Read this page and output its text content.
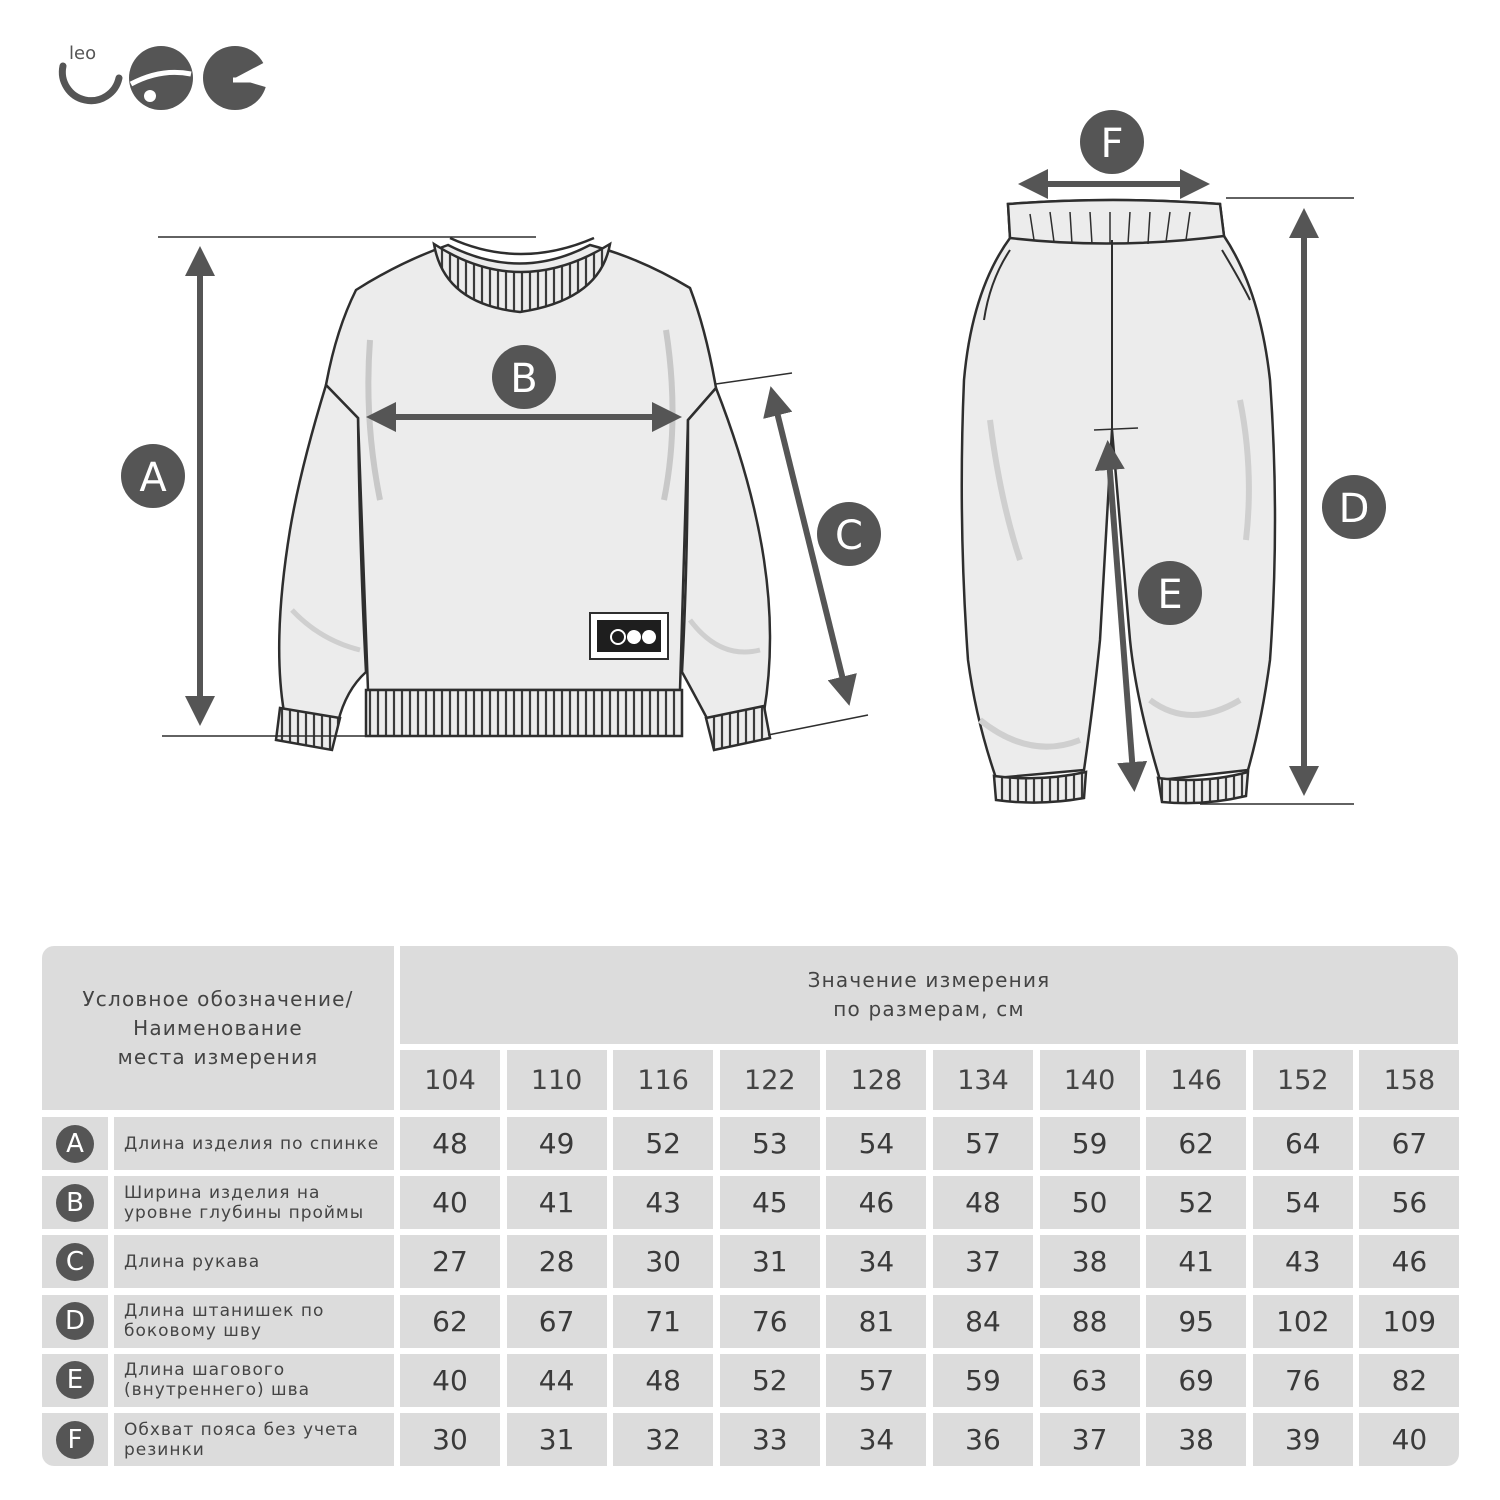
leo
A
B
C
D
E
F
Условное обозначение/
Наименование
места измерения
Значение измерения
по размерам, см
104	110	116	122	128	134	140	146	152	158
A	Длина изделия по спинке	48	49	52	53	54	57	59	62	64	67
B	Ширина изделия на
уровне глубины проймы	40	41	43	45	46	48	50	52	54	56
C	Длина рукава	27	28	30	31	34	37	38	41	43	46
D	Длина штанишек по
боковому шву	62	67	71	76	81	84	88	95	102	109
E	Длина шагового
(внутреннего) шва	40	44	48	52	57	59	63	69	76	82
F	Обхват пояса без учета
резинки	30	31	32	33	34	36	37	38	39	40
